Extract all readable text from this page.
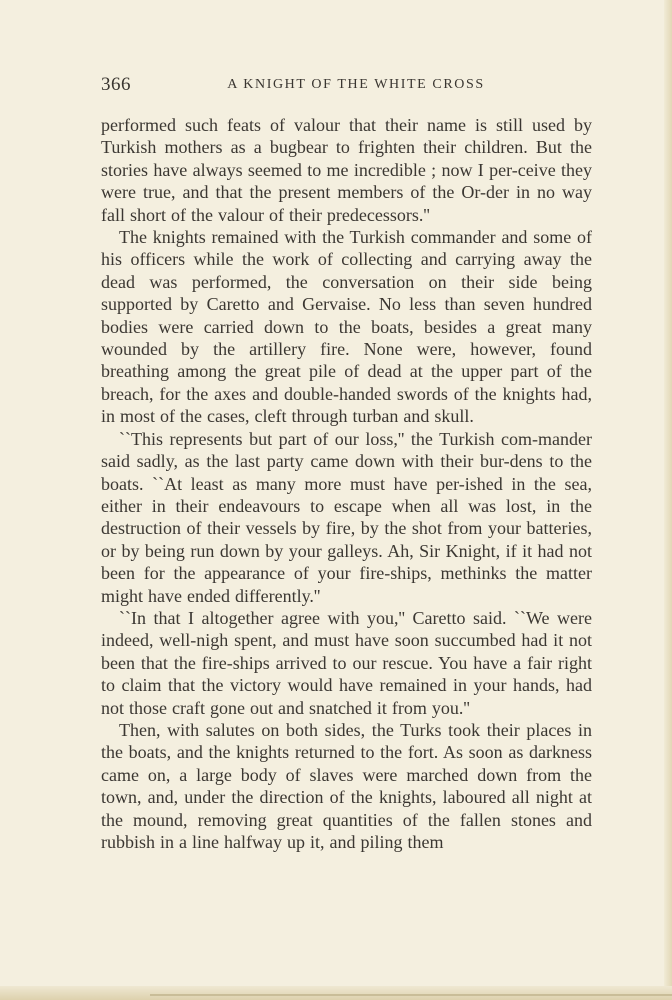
366	A KNIGHT OF THE WHITE CROSS

performed such feats of valour that their name is still used by Turkish mothers as a bugbear to frighten their children. But the stories have always seemed to me incredible ; now I per-ceive they were true, and that the present members of the Or-der in no way fall short of the valour of their predecessors.''

The knights remained with the Turkish commander and some of his officers while the work of collecting and carrying away the dead was performed, the conversation on their side being supported by Caretto and Gervaise. No less than seven hundred bodies were carried down to the boats, besides a great many wounded by the artillery fire. None were, however, found breathing among the great pile of dead at the upper part of the breach, for the axes and double-handed swords of the knights had, in most of the cases, cleft through turban and skull.

``This represents but part of our loss,'' the Turkish com-mander said sadly, as the last party came down with their bur-dens to the boats. ``At least as many more must have per-ished in the sea, either in their endeavours to escape when all was lost, in the destruction of their vessels by fire, by the shot from your batteries, or by being run down by your galleys. Ah, Sir Knight, if it had not been for the appearance of your fire-ships, methinks the matter might have ended differently.''

``In that I altogether agree with you,'' Caretto said. ``We were indeed, well-nigh spent, and must have soon succumbed had it not been that the fire-ships arrived to our rescue. You have a fair right to claim that the victory would have remained in your hands, had not those craft gone out and snatched it from you.''

Then, with salutes on both sides, the Turks took their places in the boats, and the knights returned to the fort. As soon as darkness came on, a large body of slaves were marched down from the town, and, under the direction of the knights, laboured all night at the mound, removing great quantities of the fallen stones and rubbish in a line halfway up it, and piling them
